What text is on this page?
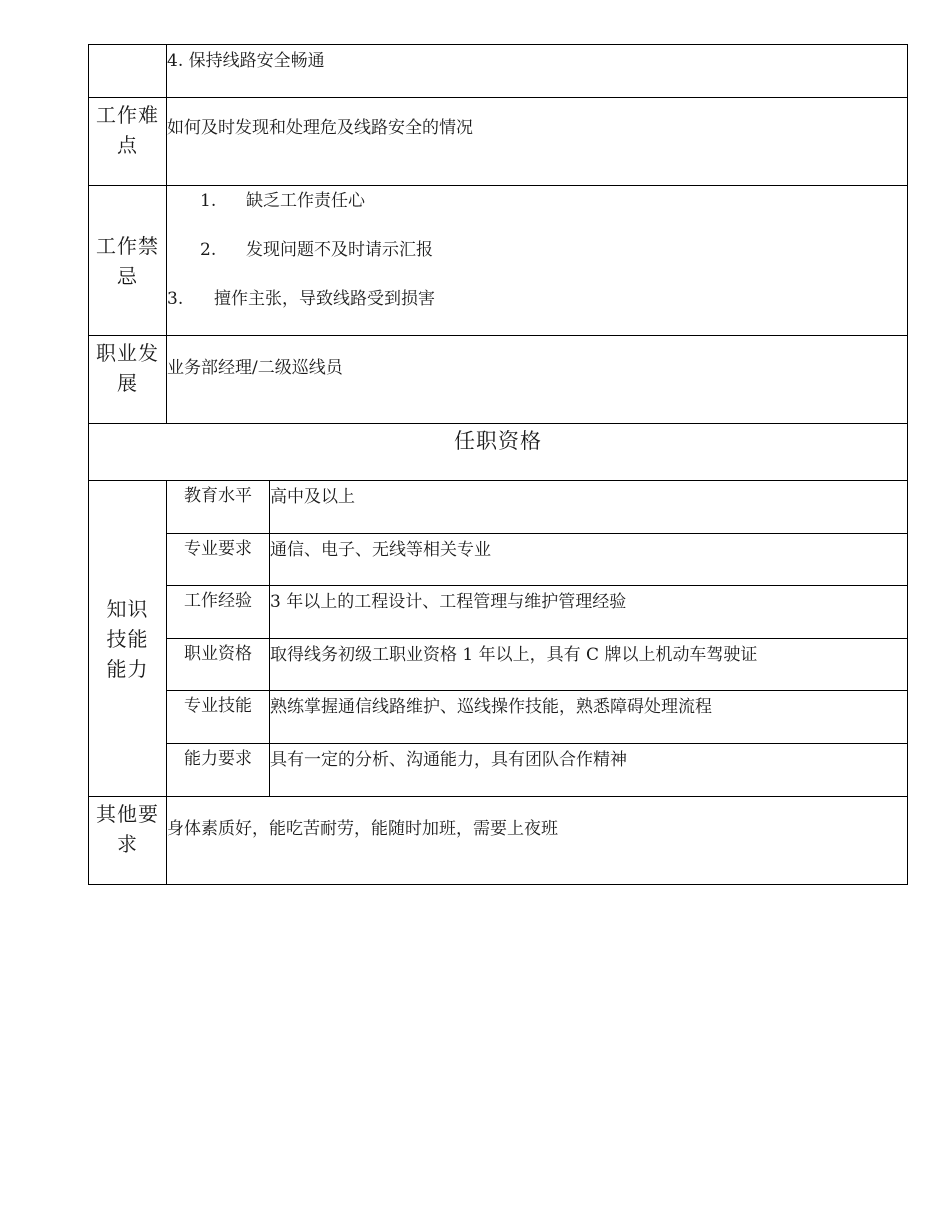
	4. 保持线路安全畅通	
工作难点	如何及时发现和处理危及线路安全的情况	
工作禁忌	1. 缺乏工作责任心
2. 发现问题不及时请示汇报
3. 擅作主张，导致线路受到损害	

职业发展	业务部经理/二级巡线员	
任职资格		
知识技能能力	教育水平	高中及以上
	专业要求	通信、电子、无线等相关专业
	工作经验	3 年以上的工程设计、工程管理与维护管理经验
	职业资格	取得线务初级工职业资格 1 年以上，具有 C 牌以上机动车驾驶证
	专业技能	熟练掌握通信线路维护、巡线操作技能，熟悉障碍处理流程
	能力要求	具有一定的分析、沟通能力，具有团队合作精神
其他要求	身体素质好，能吃苦耐劳，能随时加班，需要上夜班	
